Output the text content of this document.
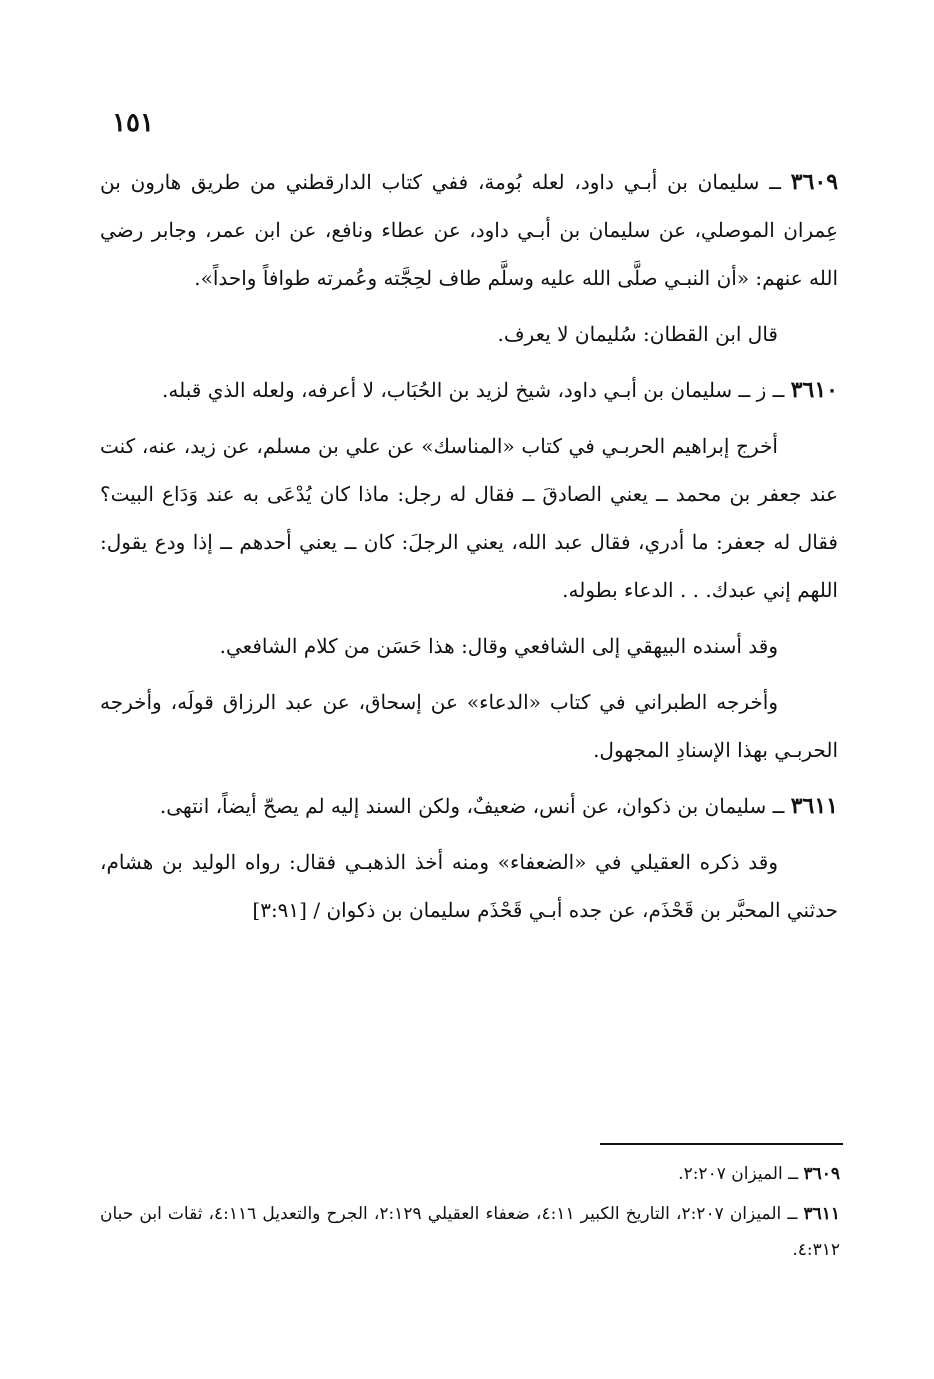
١٥١

٣٦٠٩ ــ سليمان بن أبـي داود، لعله بُومة، ففي كتاب الدارقطني من طريق هارون بن عِمران الموصلي، عن سليمان بن أبـي داود، عن عطاء ونافع، عن ابن عمر، وجابر رضي الله عنهم: «أن النبـي صلَّى الله عليه وسلَّم طاف لحِجَّته وعُمرته طوافاً واحداً».

قال ابن القطان: سُليمان لا يعرف.

٣٦١٠ ــ ز ــ سليمان بن أبـي داود، شيخ لزيد بن الحُبَاب، لا أعرفه، ولعله الذي قبله.

أخرج إبراهيم الحربـي في كتاب «المناسك» عن علي بن مسلم، عن زيد، عنه، كنت عند جعفر بن محمد ــ يعني الصادقَ ــ فقال له رجل: ماذا كان يُدْعَى به عند وَدَاع البيت؟ فقال له جعفر: ما أدري، فقال عبد الله، يعني الرجلَ: كان ــ يعني أحدهم ــ إذا ودع يقول: اللهم إني عبدك. . . الدعاء بطوله.

وقد أسنده البيهقي إلى الشافعي وقال: هذا حَسَن من كلام الشافعي.

وأخرجه الطبراني في كتاب «الدعاء» عن إسحاق، عن عبد الرزاق قولَه، وأخرجه الحربـي بهذا الإسنادِ المجهول.

٣٦١١ ــ سليمان بن ذكوان، عن أنس، ضعيفٌ، ولكن السند إليه لم يصحّ أيضاً، انتهى.

وقد ذكره العقيلي في «الضعفاء» ومنه أخذ الذهبـي فقال: رواه الوليد بن هشام، حدثني المحبَّر بن قَحْذَم، عن جده أبـي قَحْذَم سليمان بن ذكوان / [٣:٩١]

٣٦٠٩ ــ الميزان ٢:٢٠٧.

٣٦١١ ــ الميزان ٢:٢٠٧، التاريخ الكبير ٤:١١، ضعفاء العقيلي ٢:١٢٩، الجرح والتعديل ٤:١١٦، ثقات ابن حبان ٤:٣١٢.
